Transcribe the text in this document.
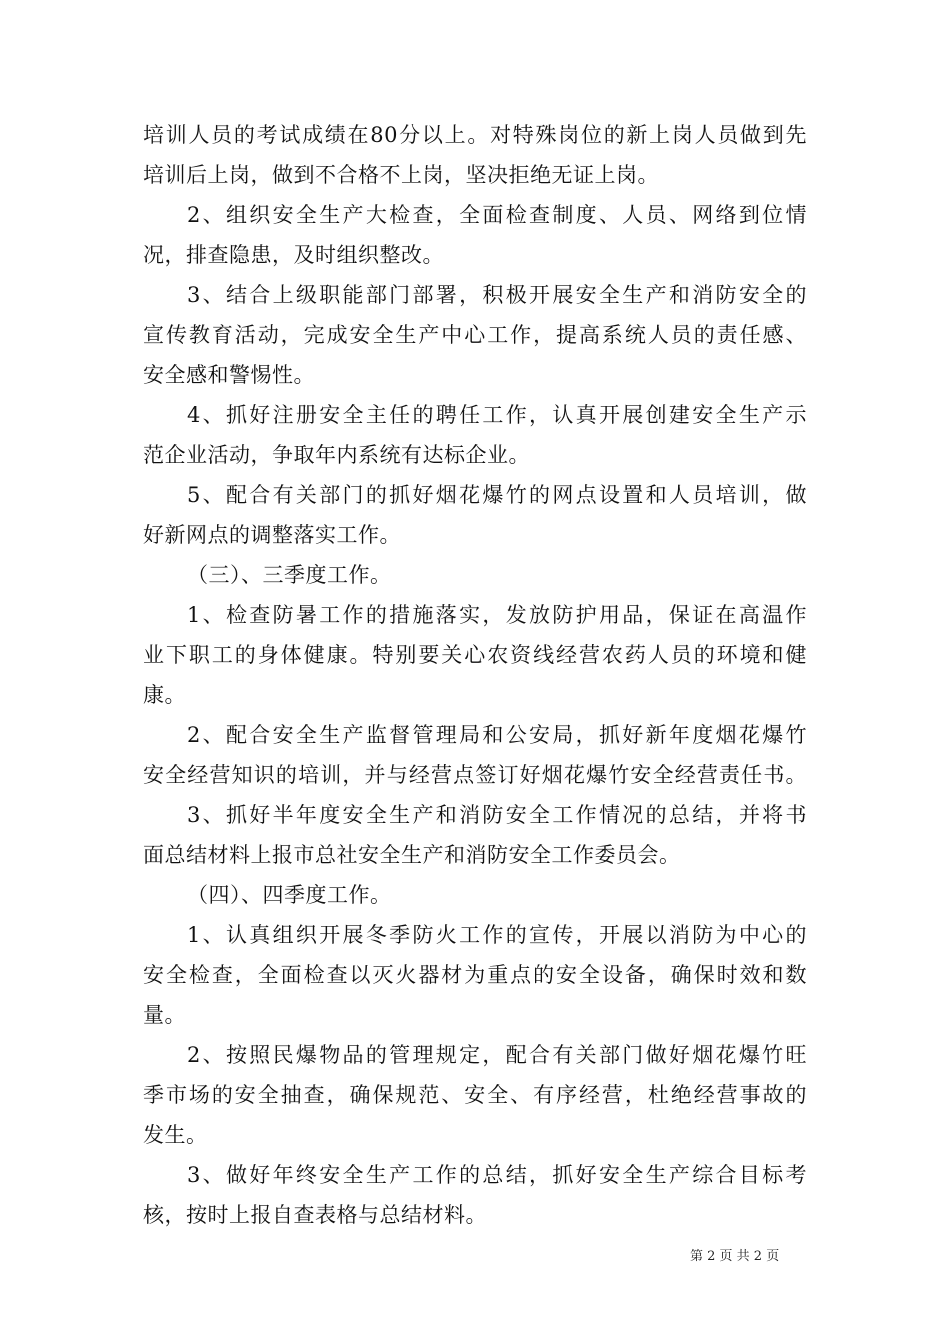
培训人员的考试成绩在80分以上。对特殊岗位的新上岗人员做到先
培训后上岗，做到不合格不上岗，坚决拒绝无证上岗。
2、组织安全生产大检查，全面检查制度、人员、网络到位情
况，排查隐患，及时组织整改。
3、结合上级职能部门部署，积极开展安全生产和消防安全的
宣传教育活动，完成安全生产中心工作，提高系统人员的责任感、
安全感和警惕性。
4、抓好注册安全主任的聘任工作，认真开展创建安全生产示
范企业活动，争取年内系统有达标企业。
5、配合有关部门的抓好烟花爆竹的网点设置和人员培训，做
好新网点的调整落实工作。
（三）、三季度工作。
1、检查防暑工作的措施落实，发放防护用品，保证在高温作
业下职工的身体健康。特别要关心农资线经营农药人员的环境和健
康。
2、配合安全生产监督管理局和公安局，抓好新年度烟花爆竹
安全经营知识的培训，并与经营点签订好烟花爆竹安全经营责任书。
3、抓好半年度安全生产和消防安全工作情况的总结，并将书
面总结材料上报市总社安全生产和消防安全工作委员会。
（四）、四季度工作。
1、认真组织开展冬季防火工作的宣传，开展以消防为中心的
安全检查，全面检查以灭火器材为重点的安全设备，确保时效和数
量。
2、按照民爆物品的管理规定，配合有关部门做好烟花爆竹旺
季市场的安全抽查，确保规范、安全、有序经营，杜绝经营事故的
发生。
3、做好年终安全生产工作的总结，抓好安全生产综合目标考
核，按时上报自查表格与总结材料。
第 2 页 共 2 页
